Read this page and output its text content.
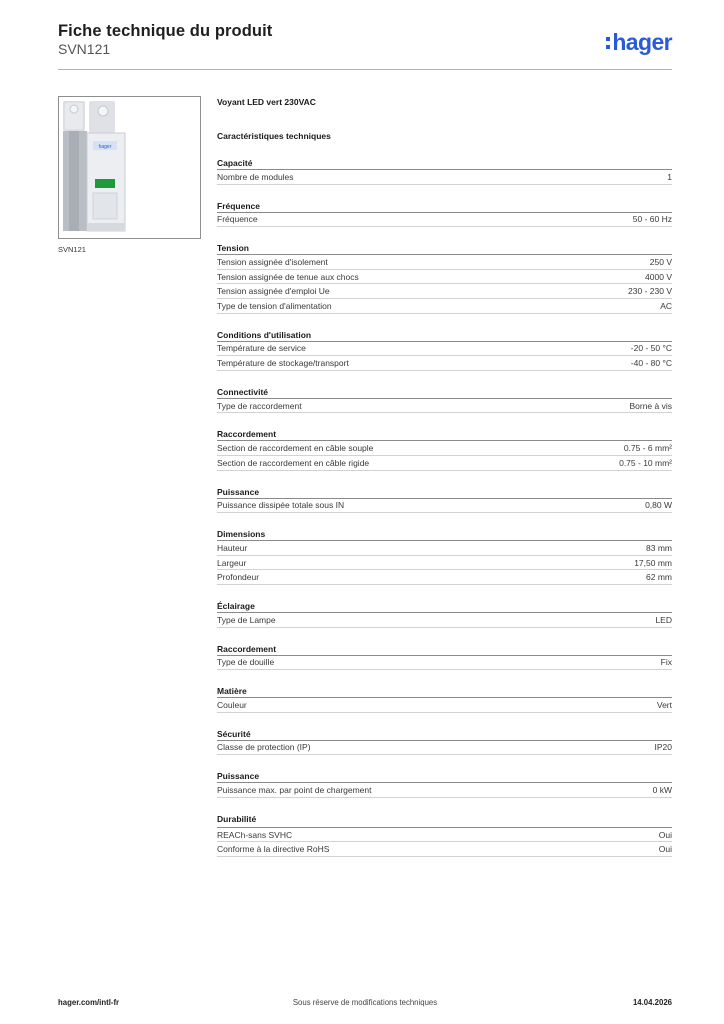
Fiche technique du produit
SVN121	hager
hager
SVN121
Voyant LED vert 230VAC
Caractéristiques techniques
Capacité
Nombre de modules	1
Fréquence
Fréquence	50 - 60 Hz
Tension
Tension assignée d'isolement	250 V
Tension assignée de tenue aux chocs	4000 V
Tension assignée d'emploi Ue	230 - 230 V
Type de tension d'alimentation	AC
Conditions d'utilisation
Température de service	-20 - 50 °C
Température de stockage/transport	-40 - 80 °C
Connectivité
Type de raccordement	Borne à vis
Raccordement
Section de raccordement en câble souple	0.75 - 6 mm²
Section de raccordement en câble rigide	0.75 - 10 mm²
Puissance
Puissance dissipée totale sous IN	0,80 W
Dimensions
Hauteur	83 mm
Largeur	17,50 mm
Profondeur	62 mm
Éclairage
Type de Lampe	LED
Raccordement
Type de douille	Fix
Matière
Couleur	Vert
Sécurité
Classe de protection (IP)	IP20
Puissance
Puissance max. par point de chargement	0 kW
Durabilité
REACh-sans SVHC	Oui
Conforme à la directive RoHS	Oui
hager.com/intl-fr	Sous réserve de modifications techniques	14.04.2026
